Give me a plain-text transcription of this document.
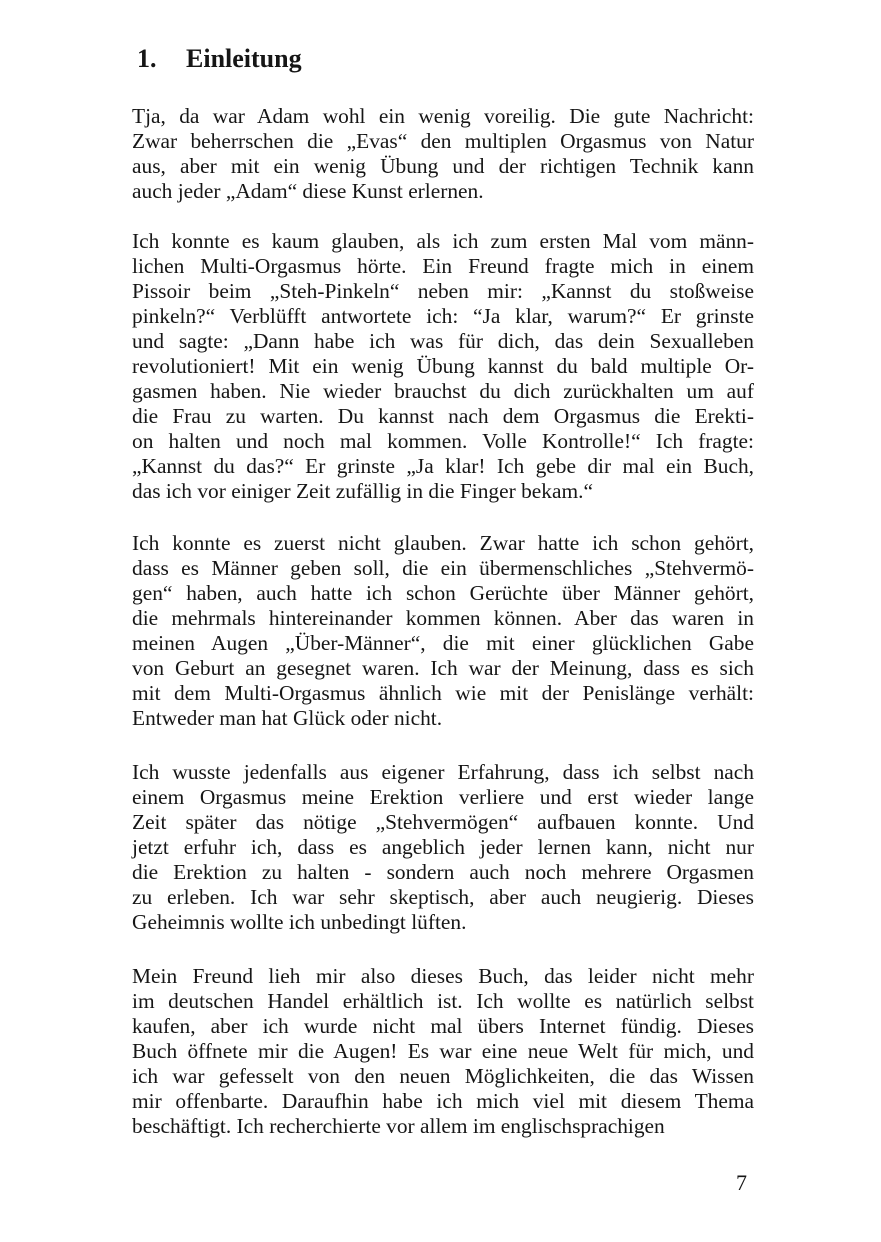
1. Einleitung
Tja, da war Adam wohl ein wenig voreilig. Die gute Nachricht:
Zwar beherrschen die „Evas“ den multiplen Orgasmus von Natur
aus, aber mit ein wenig Übung und der richtigen Technik kann
auch jeder „Adam“ diese Kunst erlernen.
Ich konnte es kaum glauben, als ich zum ersten Mal vom männ-
lichen Multi-Orgasmus hörte. Ein Freund fragte mich in einem
Pissoir beim „Steh-Pinkeln“ neben mir: „Kannst du stoßweise
pinkeln?“ Verblüfft antwortete ich: “Ja klar, warum?“ Er grinste
und sagte: „Dann habe ich was für dich, das dein Sexualleben
revolutioniert! Mit ein wenig Übung kannst du bald multiple Or-
gasmen haben. Nie wieder brauchst du dich zurückhalten um auf
die Frau zu warten. Du kannst nach dem Orgasmus die Erekti-
on halten und noch mal kommen. Volle Kontrolle!“ Ich fragte:
„Kannst du das?“ Er grinste „Ja klar! Ich gebe dir mal ein Buch,
das ich vor einiger Zeit zufällig in die Finger bekam.“
Ich konnte es zuerst nicht glauben. Zwar hatte ich schon gehört,
dass es Männer geben soll, die ein übermenschliches „Stehvermö-
gen“ haben, auch hatte ich schon Gerüchte über Männer gehört,
die mehrmals hintereinander kommen können. Aber das waren in
meinen Augen „Über-Männer“, die mit einer glücklichen Gabe
von Geburt an gesegnet waren. Ich war der Meinung, dass es sich
mit dem Multi-Orgasmus ähnlich wie mit der Penislänge verhält:
Entweder man hat Glück oder nicht.
Ich wusste jedenfalls aus eigener Erfahrung, dass ich selbst nach
einem Orgasmus meine Erektion verliere und erst wieder lange
Zeit später das nötige „Stehvermögen“ aufbauen konnte. Und
jetzt erfuhr ich, dass es angeblich jeder lernen kann, nicht nur
die Erektion zu halten - sondern auch noch mehrere Orgasmen
zu erleben. Ich war sehr skeptisch, aber auch neugierig. Dieses
Geheimnis wollte ich unbedingt lüften.
Mein Freund lieh mir also dieses Buch, das leider nicht mehr
im deutschen Handel erhältlich ist. Ich wollte es natürlich selbst
kaufen, aber ich wurde nicht mal übers Internet fündig. Dieses
Buch öffnete mir die Augen! Es war eine neue Welt für mich, und
ich war gefesselt von den neuen Möglichkeiten, die das Wissen
mir offenbarte. Daraufhin habe ich mich viel mit diesem Thema
beschäftigt. Ich recherchierte vor allem im englischsprachigen
7
